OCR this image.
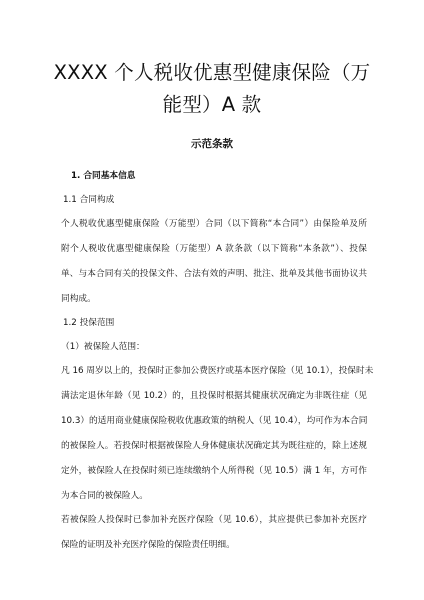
XXXX 个人税收优惠型健康保险（万
能型）A 款
示范条款
1. 合同基本信息
1.1 合同构成
个人税收优惠型健康保险（万能型）合同（以下简称“本合同”）由保险单及所
附个人税收优惠型健康保险（万能型）A 款条款（以下简称“本条款”）、投保
单、与本合同有关的投保文件、合法有效的声明、批注、批单及其他书面协议共
同构成。
1.2 投保范围
（1）被保险人范围：
凡 16 周岁以上的，投保时正参加公费医疗或基本医疗保险（见 10.1），投保时未
满法定退休年龄（见 10.2）的，且投保时根据其健康状况确定为非既往症（见
10.3）的适用商业健康保险税收优惠政策的纳税人（见 10.4），均可作为本合同
的被保险人。若投保时根据被保险人身体健康状况确定其为既往症的，除上述规
定外，被保险人在投保时须已连续缴纳个人所得税（见 10.5）满 1 年，方可作
为本合同的被保险人。
若被保险人投保时已参加补充医疗保险（见 10.6），其应提供已参加补充医疗
保险的证明及补充医疗保险的保险责任明细。
